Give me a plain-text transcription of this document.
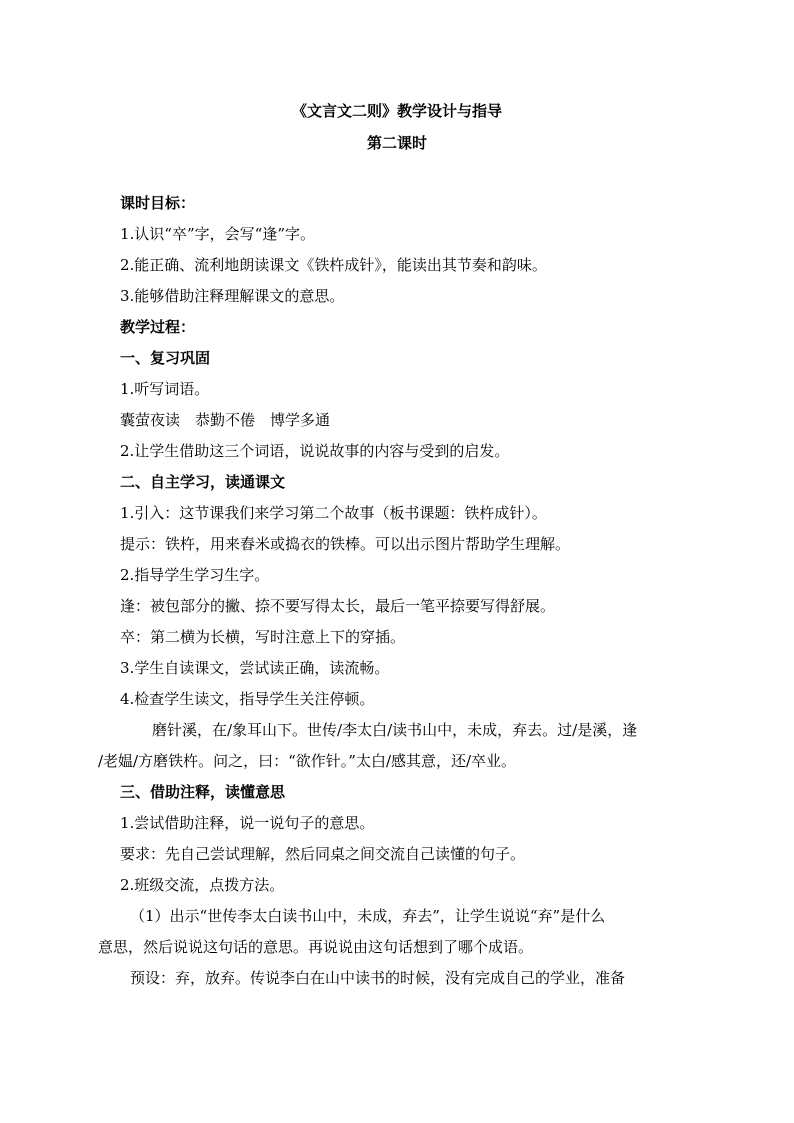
《文言文二则》教学设计与指导
第二课时

课时目标：

1.认识“卒”字，会写“逢”字。

2.能正确、流利地朗读课文《铁杵成针》，能读出其节奏和韵味。

3.能够借助注释理解课文的意思。

教学过程：

一、复习巩固

1.听写词语。

囊萤夜读　恭勤不倦　博学多通

2.让学生借助这三个词语，说说故事的内容与受到的启发。

二、自主学习，读通课文

1.引入：这节课我们来学习第二个故事（板书课题：铁杵成针）。

提示：铁杵，用来舂米或捣衣的铁棒。可以出示图片帮助学生理解。

2.指导学生学习生字。

逢：被包部分的撇、捺不要写得太长，最后一笔平捺要写得舒展。

卒：第二横为长横，写时注意上下的穿插。

3.学生自读课文，尝试读正确，读流畅。

4.检查学生读文，指导学生关注停顿。

磨针溪，在/象耳山下。世传/李太白/读书山中，未成，弃去。过/是溪，逢

/老媪/方磨铁杵。问之，曰：“欲作针。”太白/感其意，还/卒业。

三、借助注释，读懂意思

1.尝试借助注释，说一说句子的意思。

要求：先自己尝试理解，然后同桌之间交流自己读懂的句子。

2.班级交流，点拨方法。

（1）出示“世传李太白读书山中，未成，弃去”，让学生说说“弃”是什么

意思，然后说说这句话的意思。再说说由这句话想到了哪个成语。

预设：弃，放弃。传说李白在山中读书的时候，没有完成自己的学业，准备
